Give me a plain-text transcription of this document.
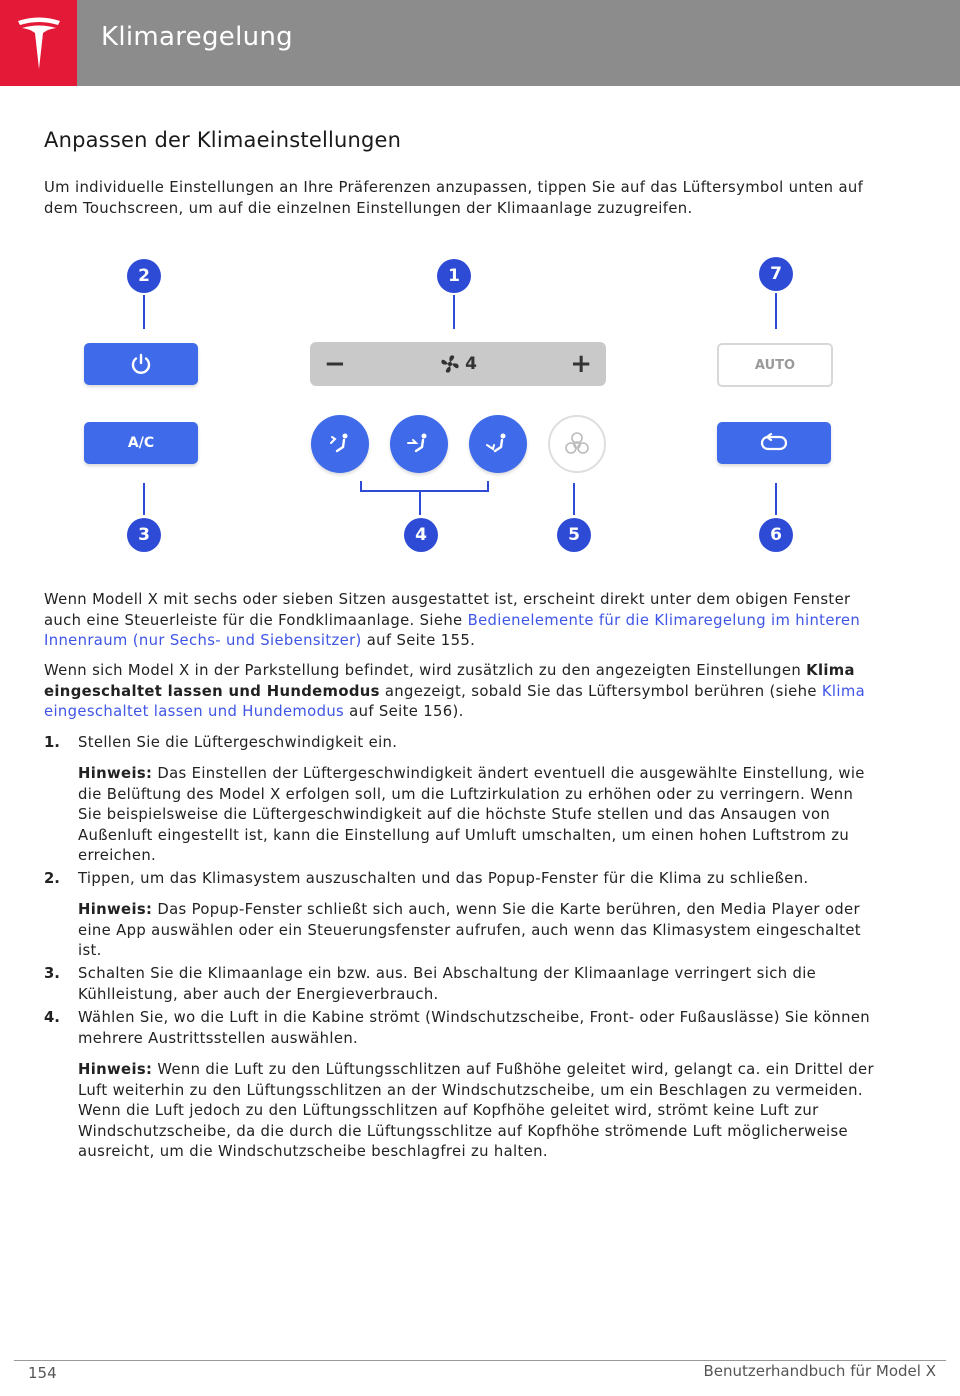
Klimaregelung
Anpassen der Klimaeinstellungen
Um individuelle Einstellungen an Ihre Präferenzen anzupassen, tippen Sie auf das Lüftersymbol unten auf dem Touchscreen, um auf die einzelnen Einstellungen der Klimaanlage zuzugreifen.
2	1	7
3	4	5	6
A/C
−	4	+	AUTO
Wenn Modell X mit sechs oder sieben Sitzen ausgestattet ist, erscheint direkt unter dem obigen Fenster auch eine Steuerleiste für die Fondklimaanlage. Siehe Bedienelemente für die Klimaregelung im hinteren Innenraum (nur Sechs- und Siebensitzer) auf Seite 155.
Wenn sich Model X in der Parkstellung befindet, wird zusätzlich zu den angezeigten Einstellungen Klima eingeschaltet lassen und Hundemodus angezeigt, sobald Sie das Lüftersymbol berühren (siehe Klima eingeschaltet lassen und Hundemodus auf Seite 156).
1. Stellen Sie die Lüftergeschwindigkeit ein.
Hinweis: Das Einstellen der Lüftergeschwindigkeit ändert eventuell die ausgewählte Einstellung, wie die Belüftung des Model X erfolgen soll, um die Luftzirkulation zu erhöhen oder zu verringern. Wenn Sie beispielsweise die Lüftergeschwindigkeit auf die höchste Stufe stellen und das Ansaugen von Außenluft eingestellt ist, kann die Einstellung auf Umluft umschalten, um einen hohen Luftstrom zu erreichen.
2. Tippen, um das Klimasystem auszuschalten und das Popup-Fenster für die Klima zu schließen.
Hinweis: Das Popup-Fenster schließt sich auch, wenn Sie die Karte berühren, den Media Player oder eine App auswählen oder ein Steuerungsfenster aufrufen, auch wenn das Klimasystem eingeschaltet ist.
3. Schalten Sie die Klimaanlage ein bzw. aus. Bei Abschaltung der Klimaanlage verringert sich die Kühlleistung, aber auch der Energieverbrauch.
4. Wählen Sie, wo die Luft in die Kabine strömt (Windschutzscheibe, Front- oder Fußauslässe) Sie können mehrere Austrittsstellen auswählen.
Hinweis: Wenn die Luft zu den Lüftungsschlitzen auf Fußhöhe geleitet wird, gelangt ca. ein Drittel der Luft weiterhin zu den Lüftungsschlitzen an der Windschutzscheibe, um ein Beschlagen zu vermeiden. Wenn die Luft jedoch zu den Lüftungsschlitzen auf Kopfhöhe geleitet wird, strömt keine Luft zur Windschutzscheibe, da die durch die Lüftungsschlitze auf Kopfhöhe strömende Luft möglicherweise ausreicht, um die Windschutzscheibe beschlagfrei zu halten.
154	Benutzerhandbuch für Model X
